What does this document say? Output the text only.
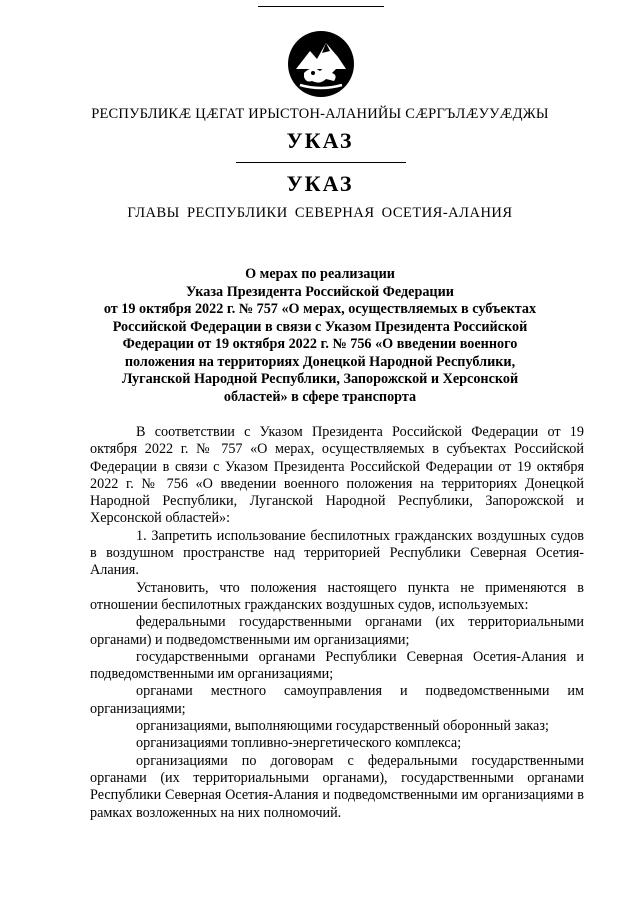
РЕСПУБЛИКӔ ЦӔГАТ ИРЫСТОН-АЛАНИЙЫ СӔРГЪЛӔУУӔДЖЫ
УКАЗ
УКАЗ
ГЛАВЫ РЕСПУБЛИКИ СЕВЕРНАЯ ОСЕТИЯ-АЛАНИЯ
О мерах по реализации
Указа Президента Российской Федерации
от 19 октября 2022 г. № 757 «О мерах, осуществляемых в субъектах
Российской Федерации в связи с Указом Президента Российской
Федерации от 19 октября 2022 г. № 756 «О введении военного
положения на территориях Донецкой Народной Республики,
Луганской Народной Республики, Запорожской и Херсонской
областей» в сфере транспорта

В соответствии с Указом Президента Российской Федерации от 19 октября 2022 г. № 757 «О мерах, осуществляемых в субъектах Российской Федерации в связи с Указом Президента Российской Федерации от 19 октября 2022 г. № 756 «О введении военного положения на территориях Донецкой Народной Республики, Луганской Народной Республики, Запорожской и Херсонской областей»:

1. Запретить использование беспилотных гражданских воздушных судов в воздушном пространстве над территорией Республики Северная Осетия-Алания.

Установить, что положения настоящего пункта не применяются в отношении беспилотных гражданских воздушных судов, используемых:

федеральными государственными органами (их территориальными органами) и подведомственными им организациями;

государственными органами Республики Северная Осетия-Алания и подведомственными им организациями;

органами местного самоуправления и подведомственными им организациями;

организациями, выполняющими государственный оборонный заказ;

организациями топливно-энергетического комплекса;

организациями по договорам с федеральными государственными органами (их территориальными органами), государственными органами Республики Северная Осетия-Алания и подведомственными им организациями в рамках возложенных на них полномочий.
